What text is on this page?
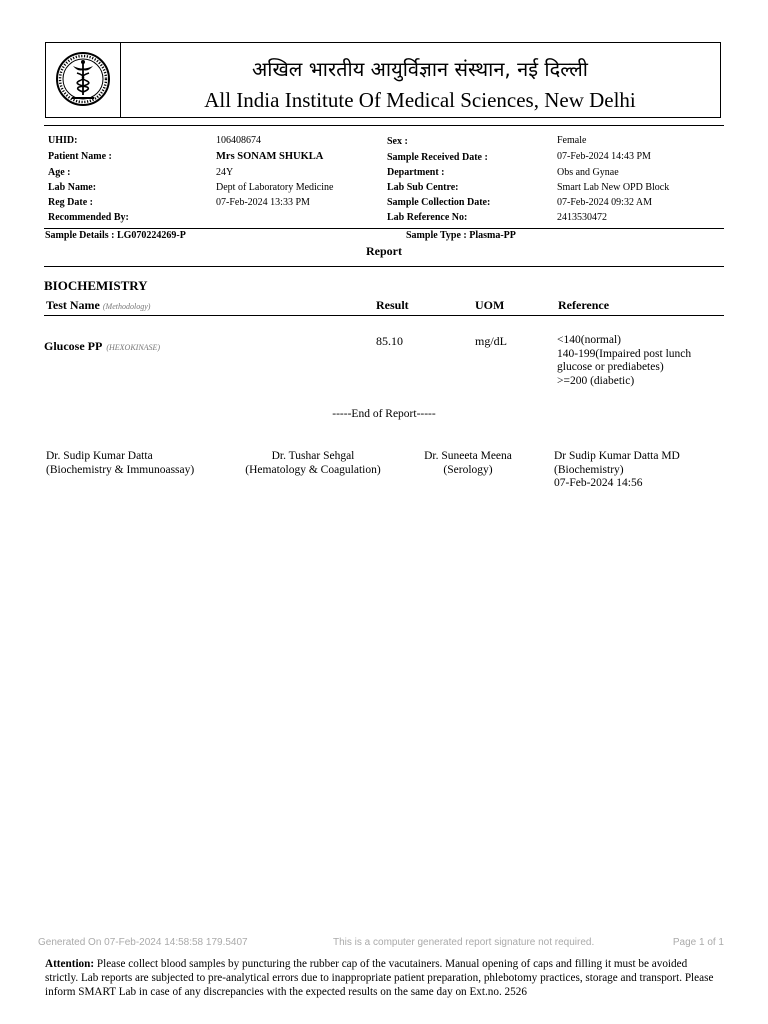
अखिल भारतीय आयुर्विज्ञान संस्थान, नई दिल्ली
All India Institute Of Medical Sciences, New Delhi
UHID:	106408674
Patient Name :	Mrs SONAM SHUKLA
Age :	24Y
Lab Name:	Dept of Laboratory Medicine
Reg Date :	07-Feb-2024 13:33 PM
Recommended By:
Sex :	Female
Sample Received Date :	07-Feb-2024 14:43 PM
Department :	Obs and Gynae
Lab Sub Centre:	Smart Lab New OPD Block
Sample Collection Date:	07-Feb-2024 09:32 AM
Lab Reference No:	2413530472
Sample Details : LG070224269-P	Sample Type : Plasma-PP
Report
BIOCHEMISTRY
Test Name (Methodology)	Result	UOM	Reference
Glucose PP (HEXOKINASE)	85.10	mg/dL	<140(normal)
140-199(Impaired post lunch
glucose or prediabetes)
>=200 (diabetic)
-----End of Report-----
Dr. Sudip Kumar Datta
(Biochemistry & Immunoassay)
Dr. Tushar Sehgal
(Hematology & Coagulation)
Dr. Suneeta Meena
(Serology)
Dr Sudip Kumar Datta MD
(Biochemistry)
07-Feb-2024 14:56
Generated On 07-Feb-2024 14:58:58 179.5407	This is a computer generated report signature not required.	Page 1 of 1
Attention: Please collect blood samples by puncturing the rubber cap of the vacutainers. Manual opening of caps and filling it must be avoided strictly. Lab reports are subjected to pre-analytical errors due to inappropriate patient preparation, phlebotomy practices, storage and transport. Please inform SMART Lab in case of any discrepancies with the expected results on the same day on Ext.no. 2526
